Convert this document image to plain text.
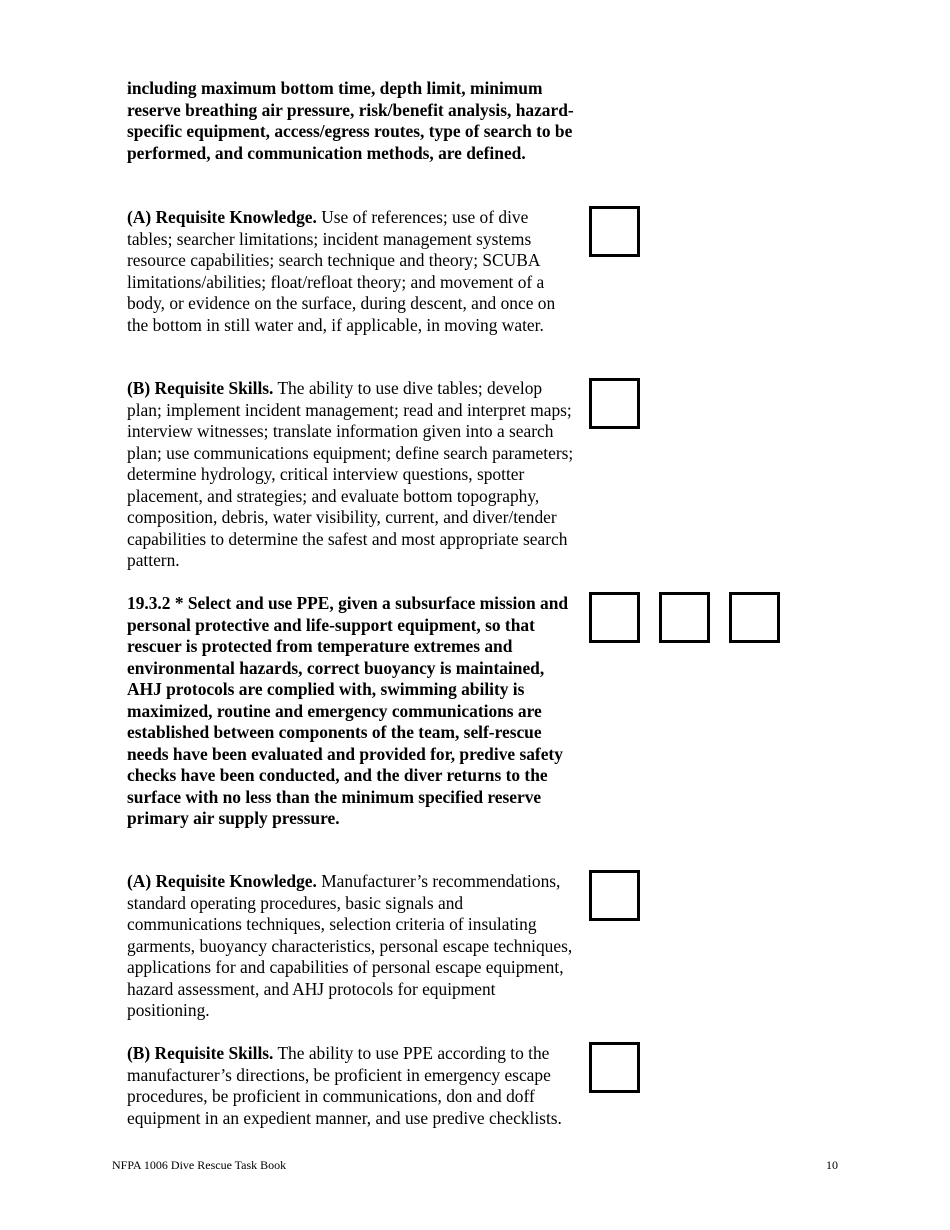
including maximum bottom time, depth limit, minimum reserve breathing air pressure, risk/benefit analysis, hazard-specific equipment, access/egress routes, type of search to be performed, and communication methods, are defined.

(A) Requisite Knowledge. Use of references; use of dive tables; searcher limitations; incident management systems resource capabilities; search technique and theory; SCUBA limitations/abilities; float/refloat theory; and movement of a body, or evidence on the surface, during descent, and once on the bottom in still water and, if applicable, in moving water.

(B) Requisite Skills. The ability to use dive tables; develop plan; implement incident management; read and interpret maps; interview witnesses; translate information given into a search plan; use communications equipment; define search parameters; determine hydrology, critical interview questions, spotter placement, and strategies; and evaluate bottom topography, composition, debris, water visibility, current, and diver/tender capabilities to determine the safest and most appropriate search pattern.

19.3.2 * Select and use PPE, given a subsurface mission and personal protective and life-support equipment, so that rescuer is protected from temperature extremes and environmental hazards, correct buoyancy is maintained, AHJ protocols are complied with, swimming ability is maximized, routine and emergency communications are established between components of the team, self-rescue needs have been evaluated and provided for, predive safety checks have been conducted, and the diver returns to the surface with no less than the minimum specified reserve primary air supply pressure.

(A) Requisite Knowledge. Manufacturer’s recommendations, standard operating procedures, basic signals and communications techniques, selection criteria of insulating garments, buoyancy characteristics, personal escape techniques, applications for and capabilities of personal escape equipment, hazard assessment, and AHJ protocols for equipment positioning.

(B) Requisite Skills. The ability to use PPE according to the manufacturer’s directions, be proficient in emergency escape procedures, be proficient in communications, don and doff equipment in an expedient manner, and use predive checklists.

NFPA 1006 Dive Rescue Task Book	10
